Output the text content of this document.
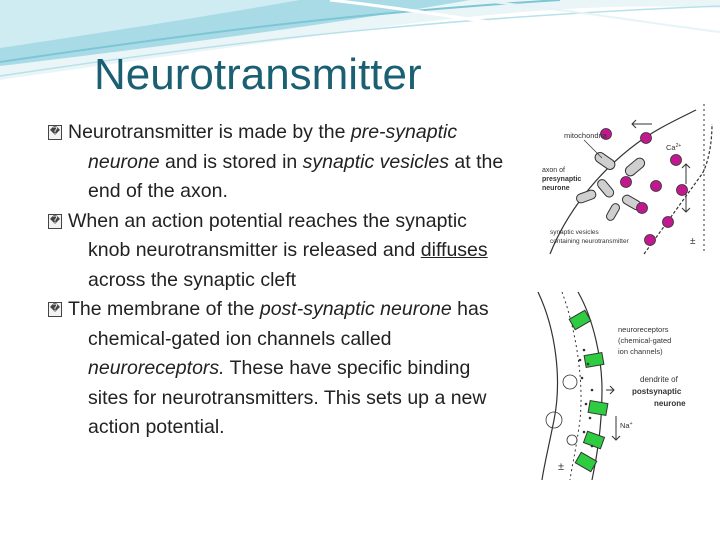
Neurotransmitter
� Neurotransmitter is made by the pre-synaptic
neurone and is stored in synaptic vesicles at the
end of the axon.
� When an action potential reaches the synaptic
knob neurotransmitter is released and diffuses
across the synaptic cleft
� The membrane of the post-synaptic neurone has
chemical-gated ion channels called
neuroreceptors. These have specific binding
sites for neurotransmitters. This sets up a new
action potential.
mitochondria
$Ca^{2+}$
axon of
presynaptic
neurone
synaptic vesicles
containing neurotransmitter	±
neuroreceptors
(chemical-gated
ion channels)
dendrite of
postsynaptic
neurone
Na+
±
